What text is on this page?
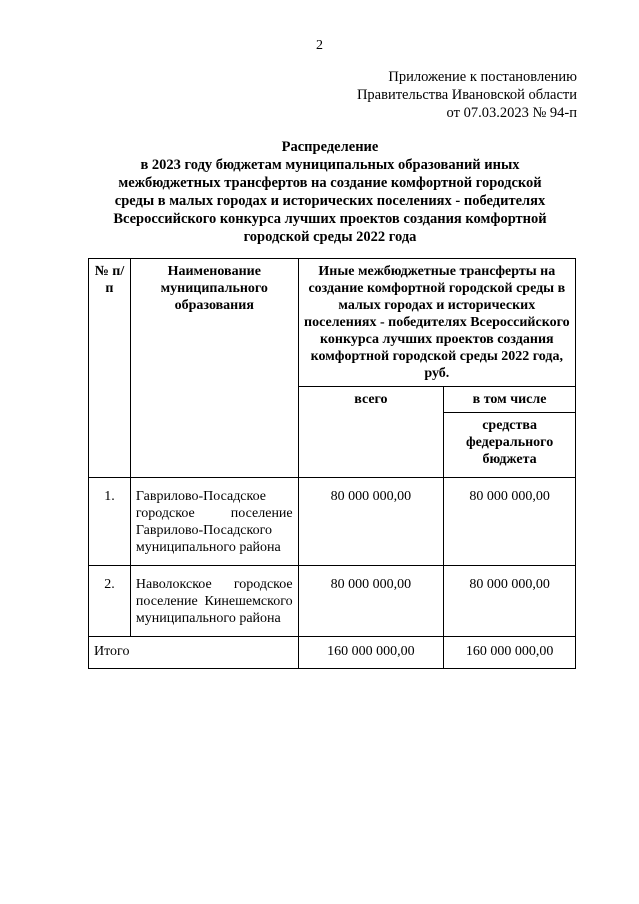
2
Приложение к постановлению
Правительства Ивановской области
от 07.03.2023 № 94-п
Распределение
в 2023 году бюджетам муниципальных образований иных
межбюджетных трансфертов на создание комфортной городской
среды в малых городах и исторических поселениях - победителях
Всероссийского конкурса лучших проектов создания комфортной
городской среды 2022 года
№ п/п	Наименование муниципального образования	Иные межбюджетные трансферты на создание комфортной городской среды в малых городах и исторических поселениях - победителях Всероссийского конкурса лучших проектов создания комфортной городской среды 2022 года, руб.	
		всего	в том числе
			средства федерального бюджета
1.	Гаврилово-Посадское городское поселение Гаврилово-Посадского муниципального района	80 000 000,00	80 000 000,00
2.	Наволокское городское поселение Кинешемского муниципального района	80 000 000,00	80 000 000,00
Итого		160 000 000,00	160 000 000,00
